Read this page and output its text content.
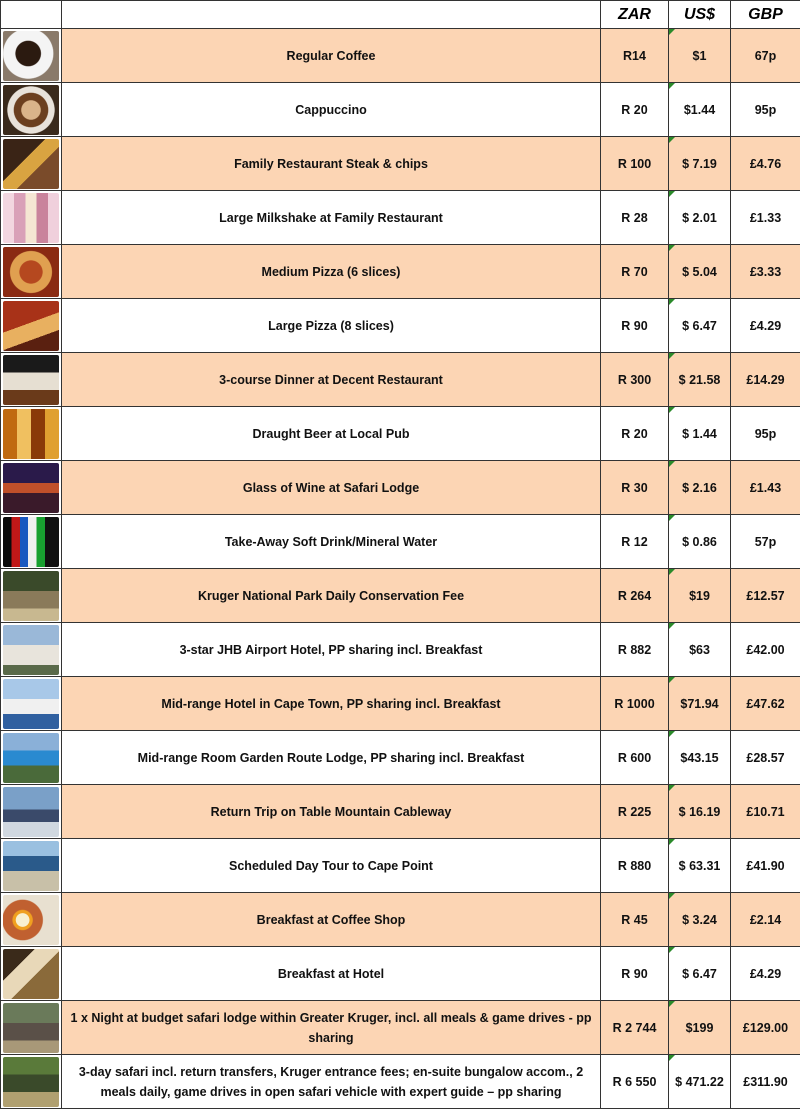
		ZAR	US$	GBP

	Regular Coffee	R14	$1	67p

	Cappuccino	R 20	$1.44	95p

	Family Restaurant Steak & chips	R 100	$ 7.19	£4.76

	Large Milkshake at Family Restaurant	R 28	$ 2.01	£1.33

	Medium Pizza (6 slices)	R 70	$ 5.04	£3.33

	Large Pizza (8 slices)	R 90	$ 6.47	£4.29

	3-course Dinner at Decent Restaurant	R 300	$ 21.58	£14.29

	Draught Beer at Local Pub	R 20	$ 1.44	95p

	Glass of Wine at Safari Lodge	R 30	$ 2.16	£1.43

	Take-Away Soft Drink/Mineral Water	R 12	$ 0.86	57p

	Kruger National Park Daily Conservation Fee	R 264	$19	£12.57

	3-star JHB Airport Hotel, PP sharing incl. Breakfast	R 882	$63	£42.00

	Mid-range Hotel in Cape Town, PP sharing incl. Breakfast	R 1000	$71.94	£47.62

	Mid-range Room Garden Route Lodge, PP sharing incl. Breakfast	R 600	$43.15	£28.57

	Return Trip on Table Mountain Cableway	R 225	$ 16.19	£10.71

	Scheduled Day Tour to Cape Point	R 880	$ 63.31	£41.90

	Breakfast at Coffee Shop	R 45	$ 3.24	£2.14

	Breakfast at Hotel	R 90	$ 6.47	£4.29

	1 x Night at budget safari lodge within Greater Kruger, incl. all meals & game drives - pp sharing	R 2 744	$199	£129.00

	3-day safari incl. return transfers, Kruger entrance fees; en-suite bungalow accom., 2 meals daily, game drives in open safari vehicle with expert guide – pp sharing	R 6 550	$ 471.22	£311.90
